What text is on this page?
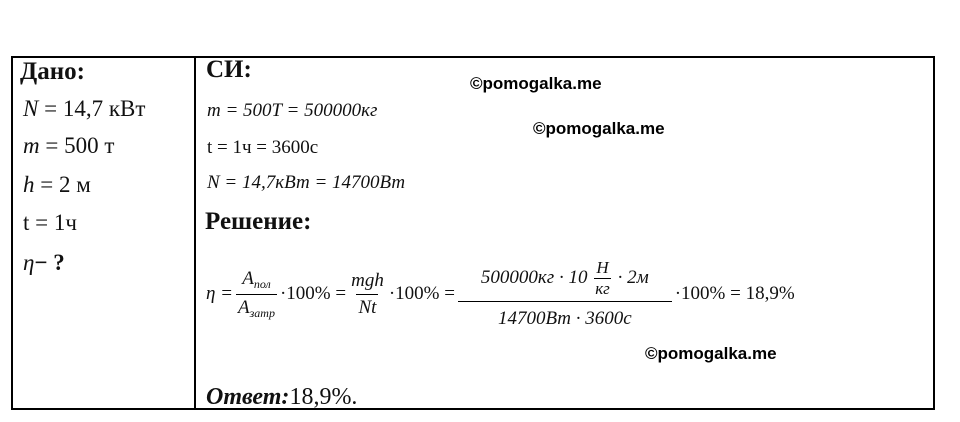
Дано:
N = 14,7 кВт
m = 500 т
h = 2 м
t = 1ч
η− ?
СИ:
m = 500T = 500000кг
t = 1ч = 3600с
N = 14,7кВт = 14700Вт
Решение:
$\eta = \frac{A_{пол}}{A_{затр}} \cdot 100\% = \frac{\text{mgh}}{Nt} \cdot 100\% = \frac{500000кг \cdot 10 \frac{Н}{кг} \cdot 2м}{14700Вт \cdot 3600с} \cdot 100\% = 18,9\%$
Ответ:18,9%.
©pomogalka.me
©pomogalka.me
©pomogalka.me
